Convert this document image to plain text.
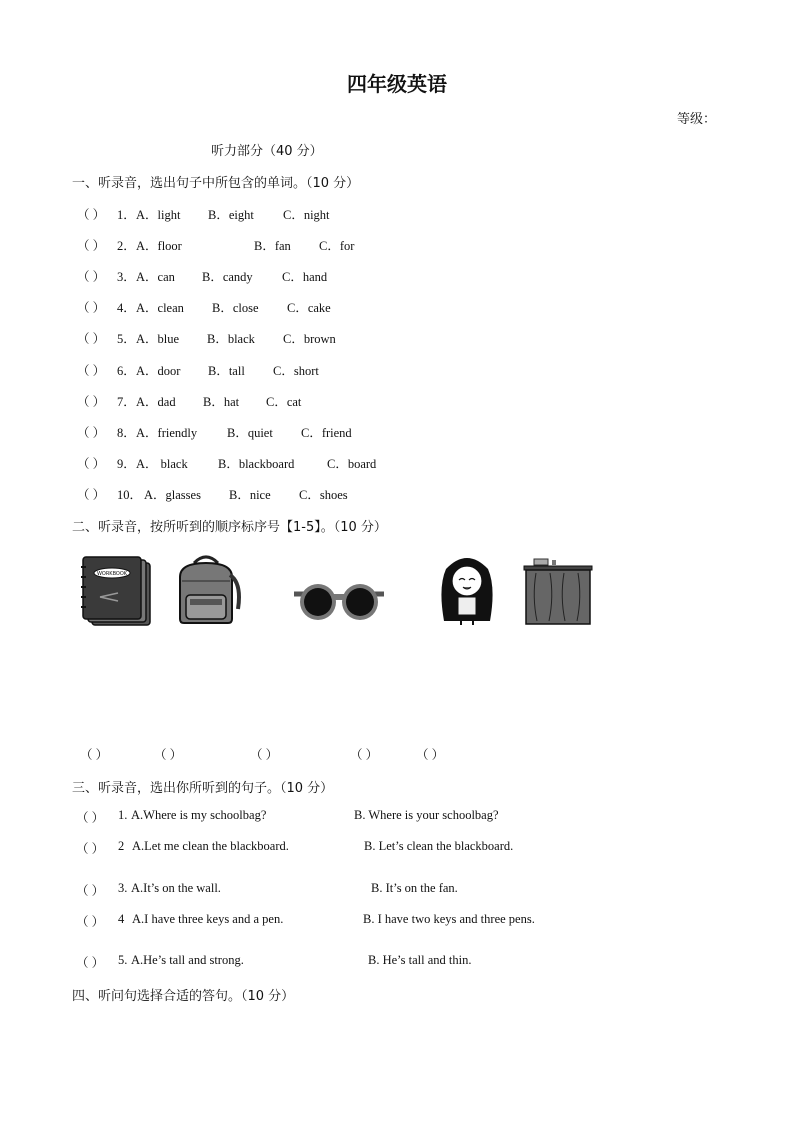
四年级英语
等级：
听力部分（40 分）
一、听录音，选出句子中所包含的单词。（10 分）
（ ） 1． A．light B．eight C．night
（ ） 2． A．floor	B．fan C．for
（ ） 3． A．can B．candy C．hand
（ ） 4． A．clean B．close C．cake
（ ） 5． A．blue B．black C．brown
（ ） 6． A．door B．tall C．short
（ ） 7． A．dad B．hat C．cat
（ ） 8． A．friendly B．quiet C．friend
（ ） 9． A． black B．blackboard	C．board
（ ） 10． A．glasses B．nice C．shoes
二、听录音，按所听到的顺序标序号【1-5】。（10 分）
WORKBOOK
（ ）	（ ）	（ ）	（ ）	（ ）
三、听录音，选出你所听到的句子。（10 分）
（ ） 1. A.Where is my schoolbag?	B. Where is your schoolbag?
（ ） 2 A.Let me clean the blackboard.	B. Let’s clean the blackboard.
（ ） 3. A.It’s on the wall.	B. It’s on the fan.
（ ） 4 A.I have three keys and a pen.	B. I have two keys and three pens.
（ ） 5. A.He’s tall and strong.	B. He’s tall and thin.
四、听问句选择合适的答句。（10 分）
